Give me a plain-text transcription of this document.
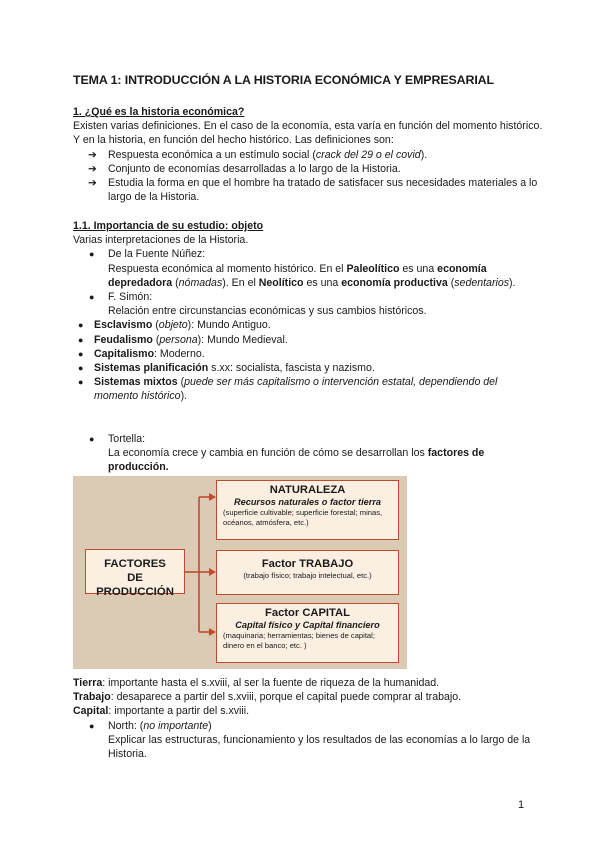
TEMA 1: INTRODUCCIÓN A LA HISTORIA ECONÓMICA Y EMPRESARIAL
1. ¿Qué es la historia económica?
Existen varias definiciones. En el caso de la economía, esta varía en función del momento histórico. Y en la historia, en función del hecho histórico. Las definiciones son:
➔ Respuesta económica a un estímulo social (crack del 29 o el covid).
➔ Conjunto de economías desarrolladas a lo largo de la Historia.
➔ Estudia la forma en que el hombre ha tratado de satisfacer sus necesidades materiales a lo largo de la Historia.
1.1. Importancia de su estudio: objeto
Varias interpretaciones de la Historia.
● De la Fuente Núñez:
Respuesta económica al momento histórico. En el Paleolítico es una economía depredadora (nómadas). En el Neolítico es una economía productiva (sedentarios).
● F. Simón:
Relación entre circunstancias económicas y sus cambios históricos.
● Esclavismo (objeto): Mundo Antiguo.
● Feudalismo (persona): Mundo Medieval.
● Capitalismo: Moderno.
● Sistemas planificación s.xx: socialista, fascista y nazismo.
● Sistemas mixtos (puede ser más capitalismo o intervención estatal, dependiendo del momento histórico).
● Tortella:
La economía crece y cambia en función de cómo se desarrollan los factores de producción.
FACTORES DE PRODUCCIÓN
NATURALEZA
Recursos naturales o factor tierra
(superficie cultivable; superficie forestal; minas, océanos, atmósfera, etc.)
Factor TRABAJO
(trabajo físico; trabajo intelectual, etc.)
Factor CAPITAL
Capital físico y Capital financiero
(maquinaria; herramientas; bienes de capital; dinero en el banco; etc. )
Tierra: importante hasta el s.xviii, al ser la fuente de riqueza de la humanidad.
Trabajo: desaparece a partir del s.xviii, porque el capital puede comprar al trabajo.
Capital: importante a partir del s.xviii.
● North: (no importante)
Explicar las estructuras, funcionamiento y los resultados de las economías a lo largo de la Historia.
1
